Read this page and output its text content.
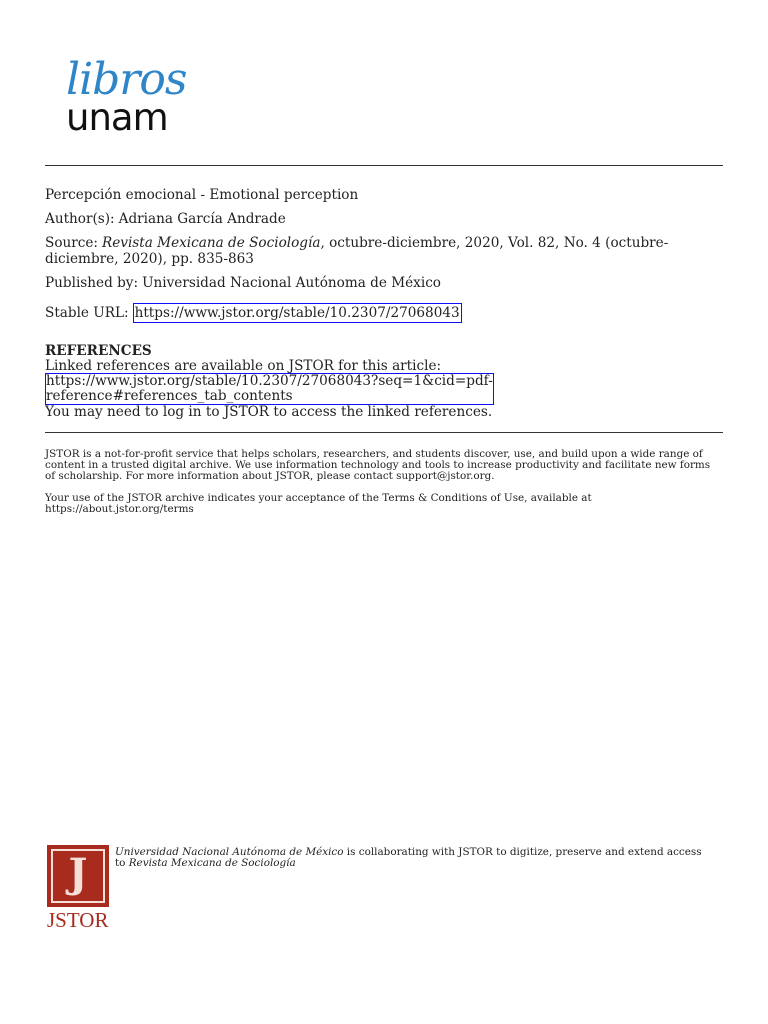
libros
unam
Percepción emocional - Emotional perception
Author(s): Adriana García Andrade
Source: Revista Mexicana de Sociología, octubre-diciembre, 2020, Vol. 82, No. 4 (octubre-diciembre, 2020), pp. 835-863
Published by: Universidad Nacional Autónoma de México
Stable URL: https://www.jstor.org/stable/10.2307/27068043
REFERENCES
Linked references are available on JSTOR for this article:
https://www.jstor.org/stable/10.2307/27068043?seq=1&cid=pdf-
reference#references_tab_contents
You may need to log in to JSTOR to access the linked references.
JSTOR is a not-for-profit service that helps scholars, researchers, and students discover, use, and build upon a wide range of content in a trusted digital archive. We use information technology and tools to increase productivity and facilitate new forms of scholarship. For more information about JSTOR, please contact support@jstor.org.
Your use of the JSTOR archive indicates your acceptance of the Terms & Conditions of Use, available at https://about.jstor.org/terms
J
JSTOR
Universidad Nacional Autónoma de México is collaborating with JSTOR to digitize, preserve and extend access to Revista Mexicana de Sociología
